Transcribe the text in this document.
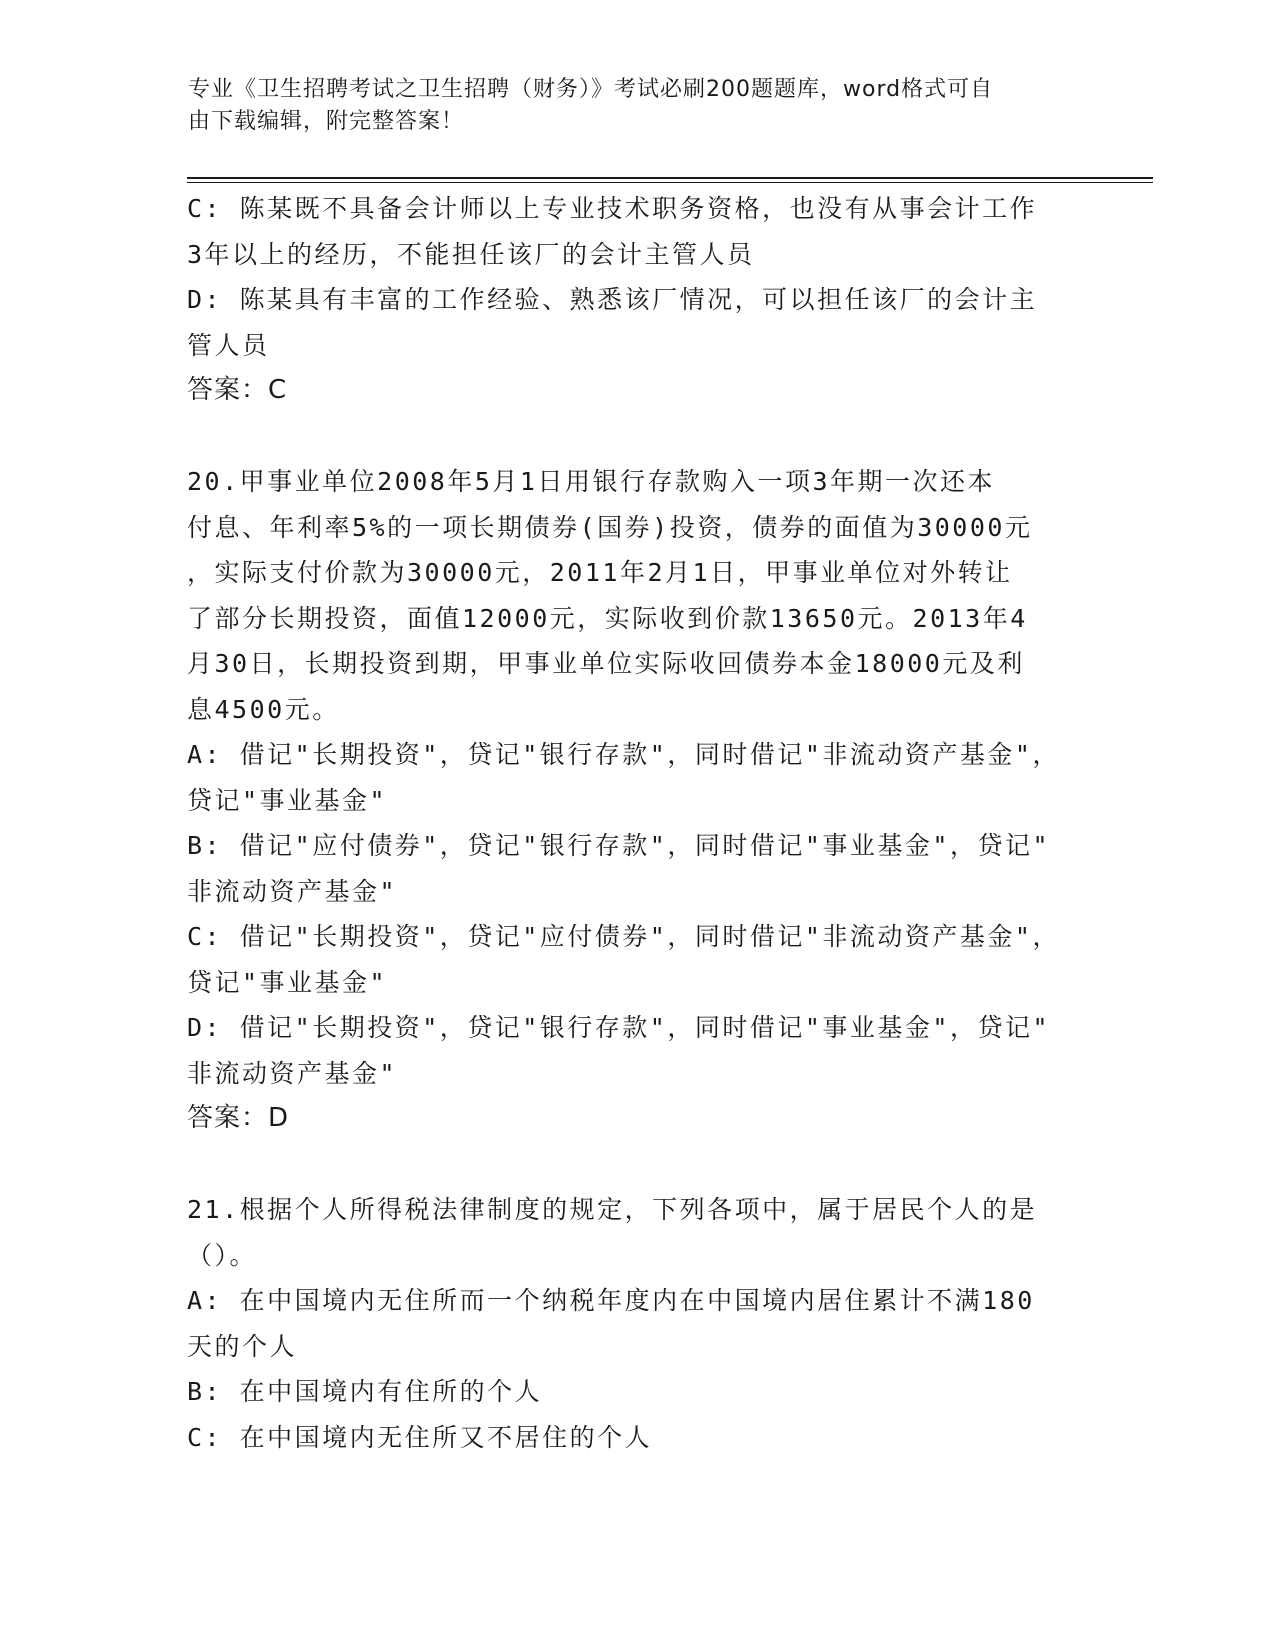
专业《卫生招聘考试之卫生招聘（财务）》考试必刷200题题库，word格式可自
由下载编辑，附完整答案！
C: 陈某既不具备会计师以上专业技术职务资格，也没有从事会计工作
3年以上的经历，不能担任该厂的会计主管人员
D: 陈某具有丰富的工作经验、熟悉该厂情况，可以担任该厂的会计主
管人员
答案：C
20.甲事业单位2008年5月1日用银行存款购入一项3年期一次还本
付息、年利率5%的一项长期债券(国券)投资，债券的面值为30000元
，实际支付价款为30000元，2011年2月1日，甲事业单位对外转让
了部分长期投资，面值12000元，实际收到价款13650元。2013年4
月30日，长期投资到期，甲事业单位实际收回债券本金18000元及利
息4500元。
A: 借记"长期投资"，贷记"银行存款"，同时借记"非流动资产基金"，
贷记"事业基金"
B: 借记"应付债券"，贷记"银行存款"，同时借记"事业基金"，贷记"
非流动资产基金"
C: 借记"长期投资"，贷记"应付债券"，同时借记"非流动资产基金"，
贷记"事业基金"
D: 借记"长期投资"，贷记"银行存款"，同时借记"事业基金"，贷记"
非流动资产基金"
答案：D
21.根据个人所得税法律制度的规定，下列各项中，属于居民个人的是
（）。
A: 在中国境内无住所而一个纳税年度内在中国境内居住累计不满180
天的个人
B: 在中国境内有住所的个人
C: 在中国境内无住所又不居住的个人
